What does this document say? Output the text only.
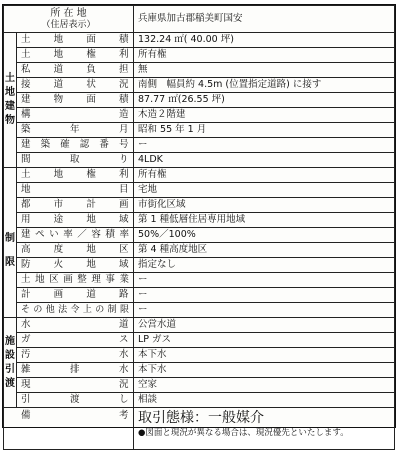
所 在 地
（住居表示）		兵庫県加古郡稲美町国安

土
地
建
物	土 地 面 積	132.24 ㎡( 40.00 坪)
	土 地 権 利	所有権
	私 道 負 担	無
	接 道 状 況	南側　幅員約 4.5m (位置指定道路) に接す
	建 物 面 積	87.77 ㎡(26.55 坪)
	構 造	木造２階建
	築 年 月	昭和 55 年 1 月
	建築確認番号	ー
	間 取 り	4LDK

制
限	土 地 権 利	所有権
	地 目	宅地
	都 市 計 画	市街化区域
	用 途 地 域	第 1 種低層住居専用地域
	建ぺい率／容積率	50%／100%
	高 度 地 区	第 4 種高度地区
	防 火 地 域	指定なし
	土地区画整理事業	ー
	計 画 道 路	ー
	その他法令上の制限	ー

施
設
引
渡	水 道	公営水道
	ガ ス	LP ガス
	汚 水	本下水
	雑 排 水	本下水
	現 況	空家
	引 渡 し	相談
備 考		取引態様：一般媒介
●図面と現況が異なる場合は、現況優先といたします。
